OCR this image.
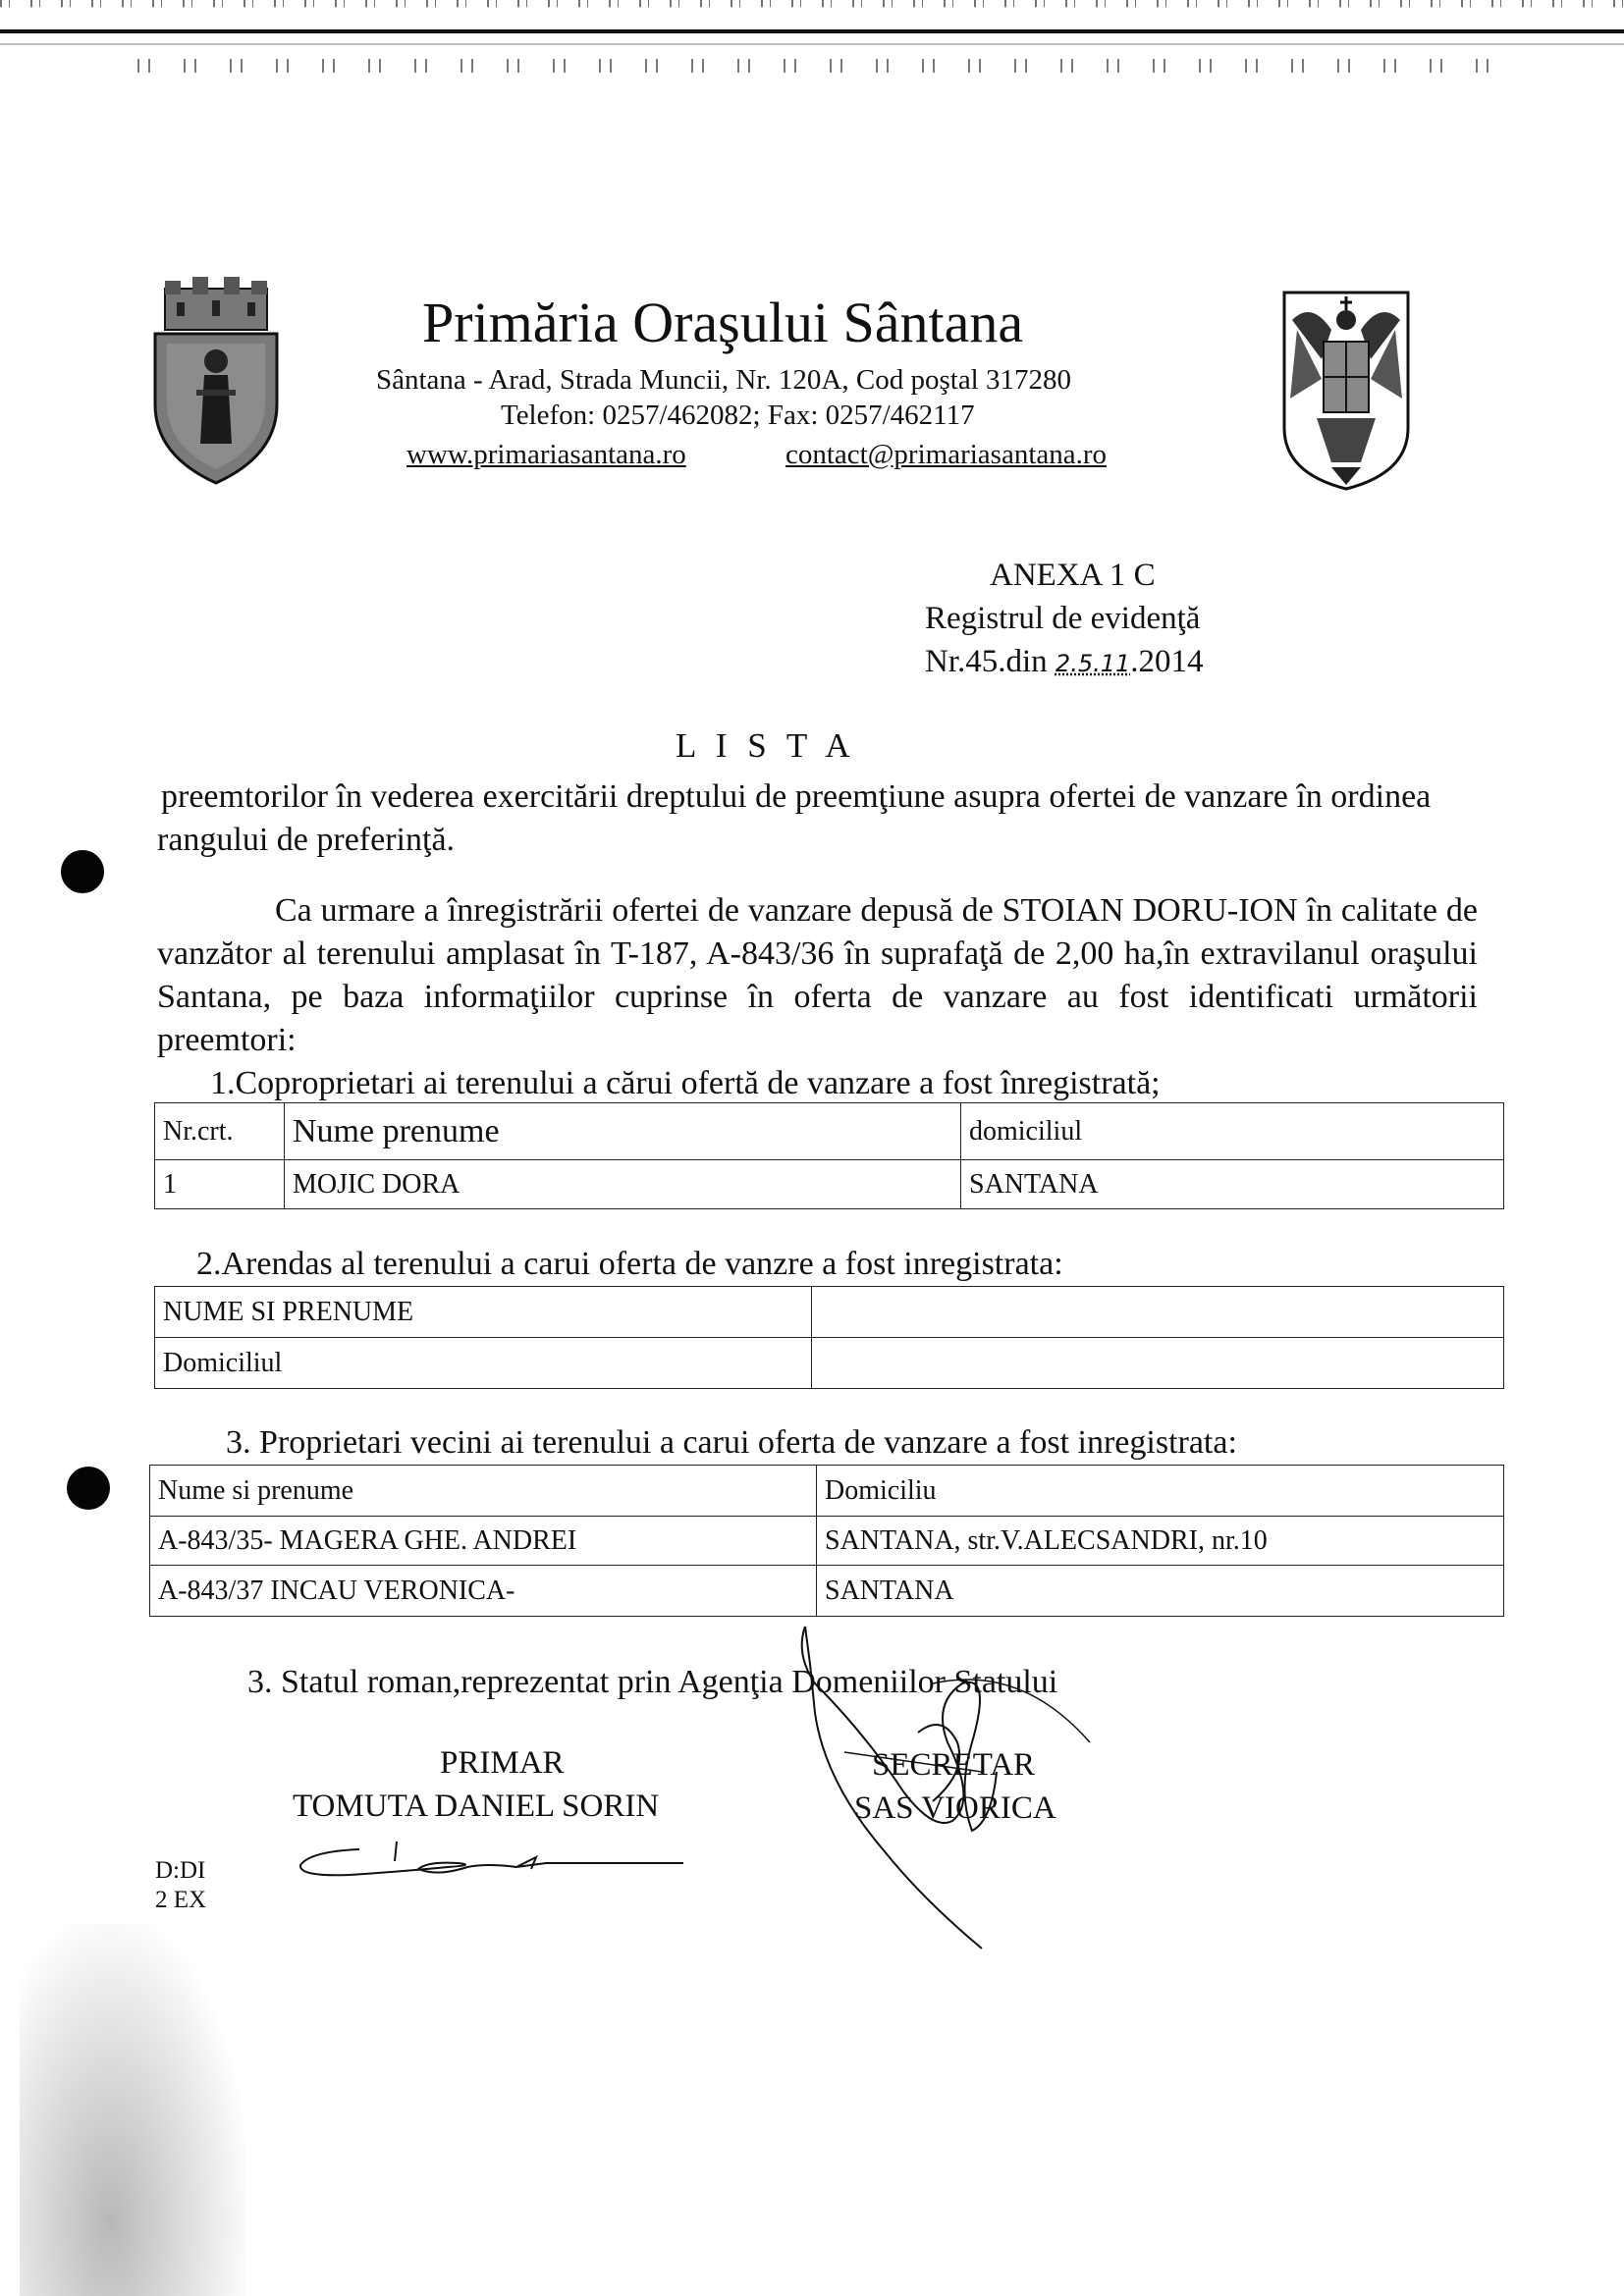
Primăria Oraşului Sântana
Sântana - Arad, Strada Muncii, Nr. 120A, Cod poştal 317280
Telefon: 0257/462082; Fax: 0257/462117
www.primariasantana.ro	contact@primariasantana.ro
ANEXA 1 C
Registrul de evidenţă
Nr.45.din 2.5.11.2014
L I S T A
preemtorilor în vederea exercitării dreptului de preemţiune asupra ofertei de vanzare în ordinea rangului de preferinţă.
Ca urmare a înregistrării ofertei de vanzare depusă de STOIAN DORU-ION în calitate de vanzător al terenului amplasat în T-187, A-843/36 în suprafaţă de 2,00 ha,în extravilanul oraşului Santana, pe baza informaţiilor cuprinse în oferta de vanzare au fost identificati următorii preemtori:
1.Coproprietari ai terenului a cărui ofertă de vanzare a fost înregistrată;
Nr.crt.	Nume prenume	domiciliul
1	MOJIC DORA	SANTANA
2.Arendas al terenului a carui oferta de vanzre a fost inregistrata:
NUME SI PRENUME	
Domiciliul	
3. Proprietari vecini ai terenului a carui oferta de vanzare a fost inregistrata:
Nume si prenume	Domiciliu
A-843/35- MAGERA GHE. ANDREI	SANTANA, str.V.ALECSANDRI, nr.10
A-843/37 INCAU VERONICA-	SANTANA
3. Statul roman,reprezentat prin Agenţia Domeniilor Statului
PRIMAR
TOMUTA DANIEL SORIN
SECRETAR
SAS VIORICA
D:DI
2 EX
